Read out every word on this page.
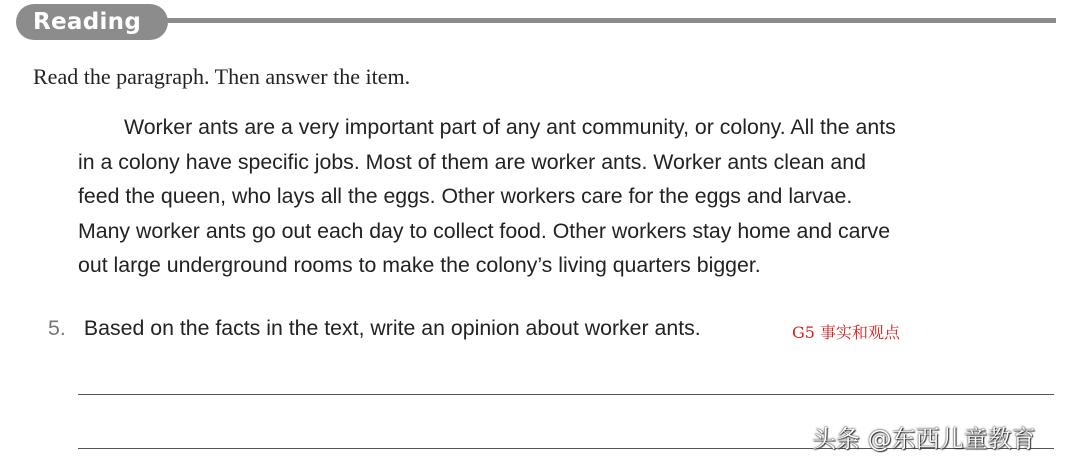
Reading
Read the paragraph. Then answer the item.
Worker ants are a very important part of any ant community, or colony. All the ants
in a colony have specific jobs. Most of them are worker ants. Worker ants clean and
feed the queen, who lays all the eggs. Other workers care for the eggs and larvae.
Many worker ants go out each day to collect food. Other workers stay home and carve
out large underground rooms to make the colony’s living quarters bigger.
5. Based on the facts in the text, write an opinion about worker ants.	G5 事实和观点
头条 @东西儿童教育
